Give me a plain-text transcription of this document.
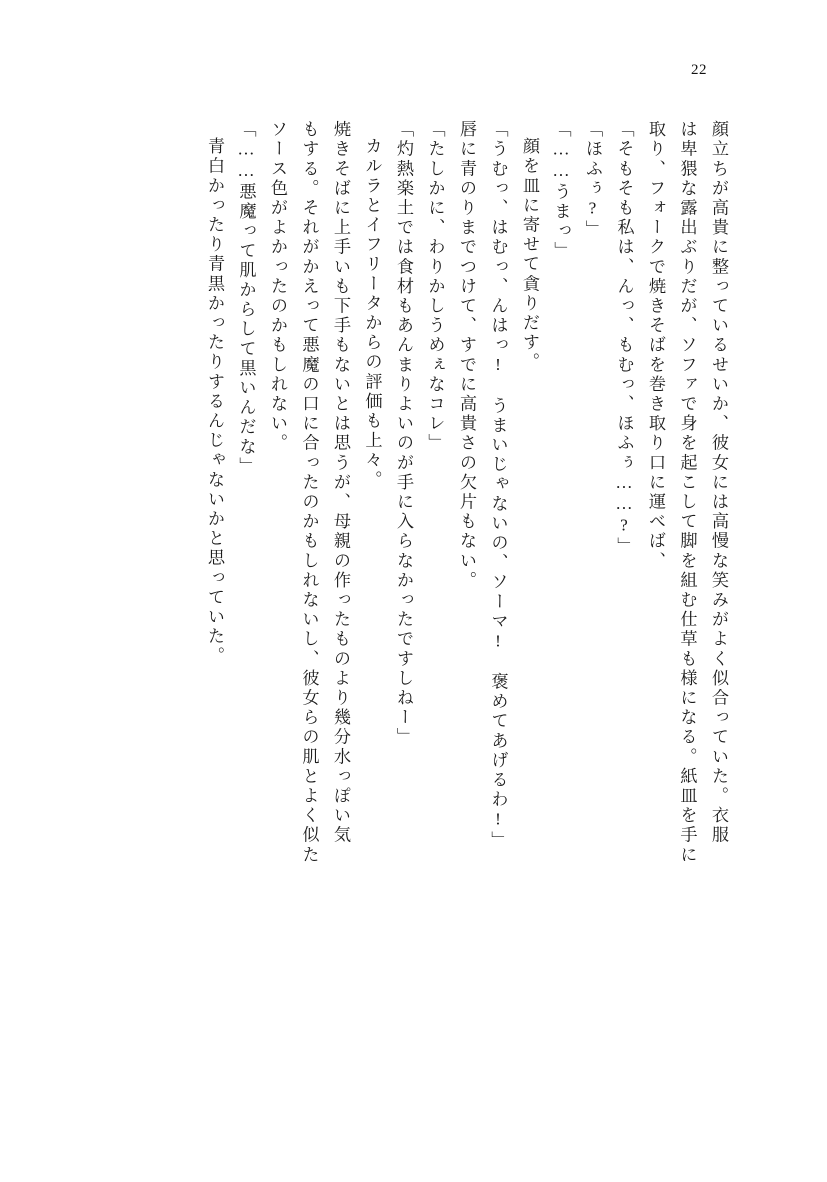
22
顔立ちが高貴に整っているせいか、彼女には高慢な笑みがよく似合っていた。衣服
は卑猥な露出ぶりだが、ソファで身を起こして脚を組む仕草も様になる。紙皿を手に
取り、フォークで焼きそばを巻き取り口に運べば、
「そもそも私は、んっ、もむっ、ほふぅ……?」
「ほふぅ?」
「……うまっ」
顔を皿に寄せて貪りだす。
「うむっ、はむっ、んはっ!　うまいじゃないの、ソーマ!　褒めてあげるわ!」
唇に青のりまでつけて、すでに高貴さの欠片もない。
「たしかに、わりかしうめぇなコレ」
「灼熱楽土では食材もあんまりよいのが手に入らなかったですしねー」
カルラとイフリータからの評価も上々。
焼きそばに上手いも下手もないとは思うが、母親の作ったものより幾分水っぽい気
もする。それがかえって悪魔の口に合ったのかもしれないし、彼女らの肌とよく似た
ソース色がよかったのかもしれない。
「……悪魔って肌からして黒いんだな」
青白かったり青黒かったりするんじゃないかと思っていた。
